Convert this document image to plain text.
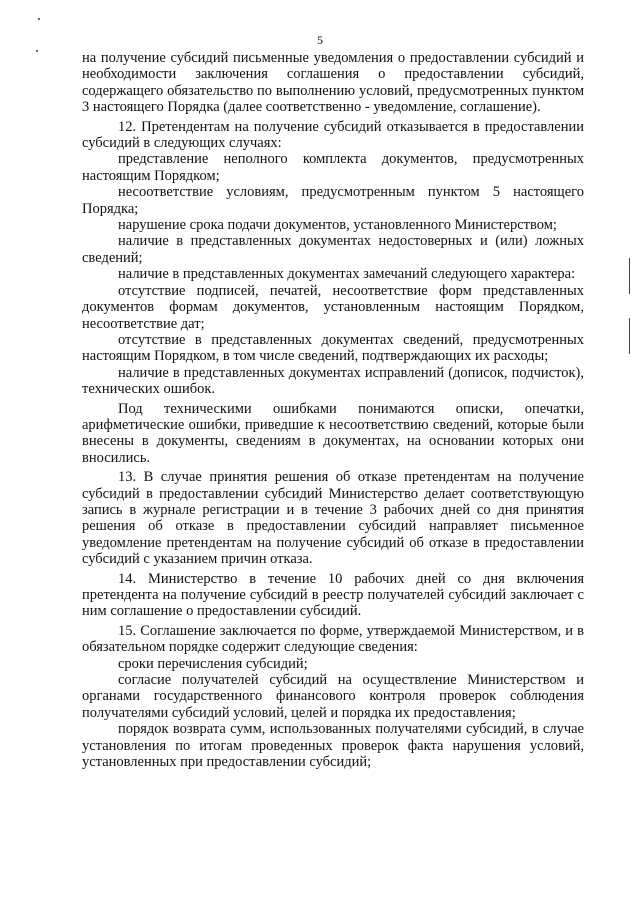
5

на получение субсидий письменные уведомления о предоставлении субсидий и необходимости заключения соглашения о предоставлении субсидий, содержащего обязательство по выполнению условий, предусмотренных пунктом 3 настоящего Порядка (далее соответственно - уведомление, соглашение).

12. Претендентам на получение субсидий отказывается в предоставлении субсидий в следующих случаях:

представление неполного комплекта документов, предусмотренных настоящим Порядком;

несоответствие условиям, предусмотренным пунктом 5 настоящего Порядка;

нарушение срока подачи документов, установленного Министерством;

наличие в представленных документах недостоверных и (или) ложных сведений;

наличие в представленных документах замечаний следующего характера:

отсутствие подписей, печатей, несоответствие форм представленных документов формам документов, установленным настоящим Порядком, несоответствие дат;

отсутствие в представленных документах сведений, предусмотренных настоящим Порядком, в том числе сведений, подтверждающих их расходы;

наличие в представленных документах исправлений (дописок, подчисток), технических ошибок.

Под техническими ошибками понимаются описки, опечатки, арифметические ошибки, приведшие к несоответствию сведений, которые были внесены в документы, сведениям в документах, на основании которых они вносились.

13. В случае принятия решения об отказе претендентам на получение субсидий в предоставлении субсидий Министерство делает соответствующую запись в журнале регистрации и в течение 3 рабочих дней со дня принятия решения об отказе в предоставлении субсидий направляет письменное уведомление претендентам на получение субсидий об отказе в предоставлении субсидий с указанием причин отказа.

14. Министерство в течение 10 рабочих дней со дня включения претендента на получение субсидий в реестр получателей субсидий заключает с ним соглашение о предоставлении субсидий.

15. Соглашение заключается по форме, утверждаемой Министерством, и в обязательном порядке содержит следующие сведения:

сроки перечисления субсидий;

согласие получателей субсидий на осуществление Министерством и органами государственного финансового контроля проверок соблюдения получателями субсидий условий, целей и порядка их предоставления;

порядок возврата сумм, использованных получателями субсидий, в случае установления по итогам проведенных проверок факта нарушения условий, установленных при предоставлении субсидий;
